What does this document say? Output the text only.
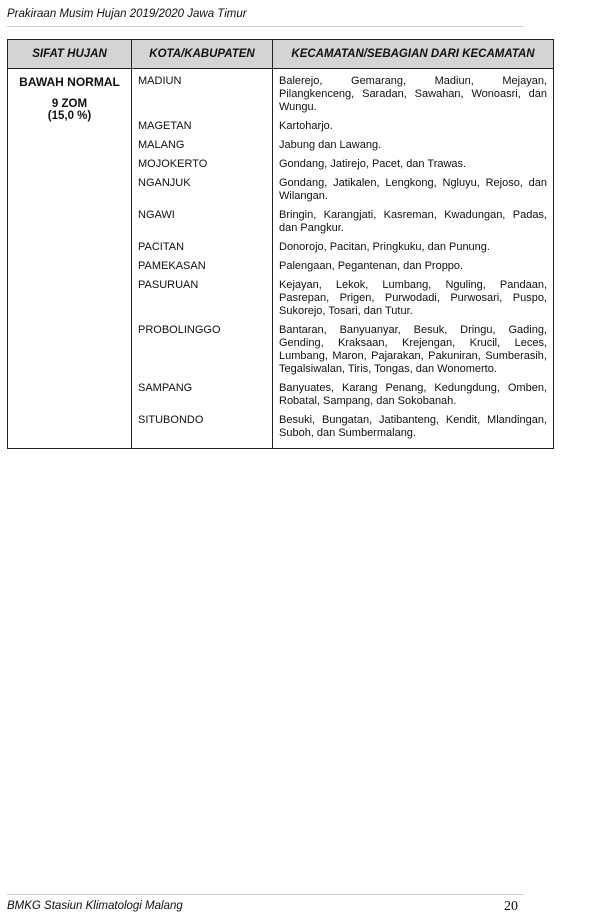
Prakiraan Musim Hujan 2019/2020 Jawa Timur
SIFAT HUJAN	KOTA/KABUPATEN	KECAMATAN/SEBAGIAN DARI KECAMATAN

BAWAH NORMAL
9 ZOM
(15,0 %)	MADIUN	Balerejo, Gemarang, Madiun, Mejayan, Pilangkenceng, Saradan, Sawahan, Wonoasri, dan Wungu.
	MAGETAN	Kartoharjo.
	MALANG	Jabung dan Lawang.
	MOJOKERTO	Gondang, Jatirejo, Pacet, dan Trawas.
	NGANJUK	Gondang, Jatikalen, Lengkong, Ngluyu, Rejoso, dan Wilangan.
	NGAWI	Bringin, Karangjati, Kasreman, Kwadungan, Padas, dan Pangkur.
	PACITAN	Donorojo, Pacitan, Pringkuku, dan Punung.
	PAMEKASAN	Palengaan, Pegantenan, dan Proppo.
	PASURUAN	Kejayan, Lekok, Lumbang, Nguling, Pandaan, Pasrepan, Prigen, Purwodadi, Purwosari, Puspo, Sukorejo, Tosari, dan Tutur.
	PROBOLINGGO	Bantaran, Banyuanyar, Besuk, Dringu, Gading, Gending, Kraksaan, Krejengan, Krucil, Leces, Lumbang, Maron, Pajarakan, Pakuniran, Sumberasih, Tegalsiwalan, Tiris, Tongas, dan Wonomerto.
	SAMPANG	Banyuates, Karang Penang, Kedungdung, Omben, Robatal, Sampang, dan Sokobanah.
	SITUBONDO	Besuki, Bungatan, Jatibanteng, Kendit, Mlandingan, Suboh, dan Sumbermalang.
BMKG Stasiun Klimatologi Malang	20
